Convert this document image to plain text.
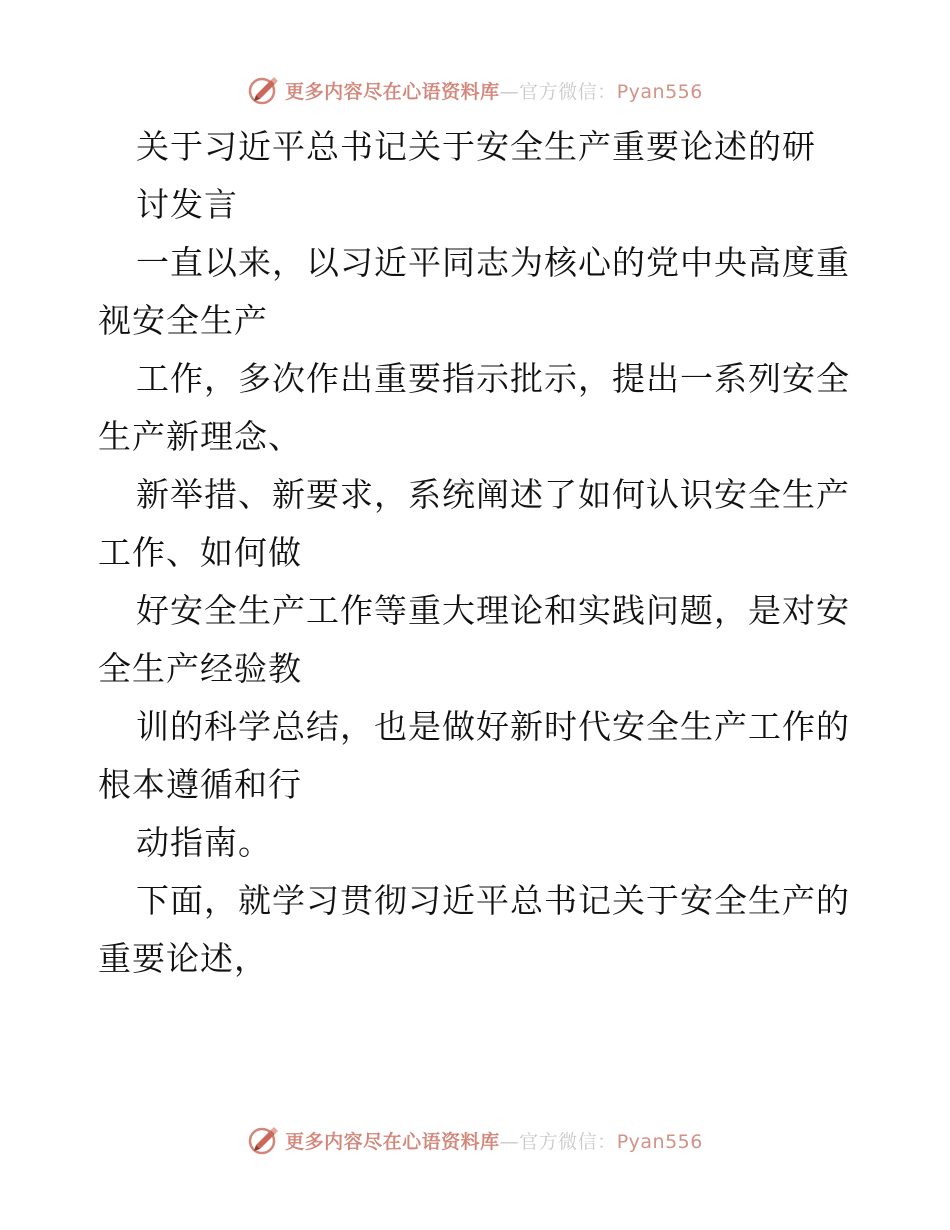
更多内容尽在心语资料库—官方微信：Pyan556
关于习近平总书记关于安全生产重要论述的研
讨发言
一直以来，以习近平同志为核心的党中央高度重
视安全生产
工作，多次作出重要指示批示，提出一系列安全
生产新理念、
新举措、新要求，系统阐述了如何认识安全生产
工作、如何做
好安全生产工作等重大理论和实践问题，是对安
全生产经验教
训的科学总结，也是做好新时代安全生产工作的
根本遵循和行
动指南。
下面，就学习贯彻习近平总书记关于安全生产的
重要论述，
更多内容尽在心语资料库—官方微信：Pyan556
